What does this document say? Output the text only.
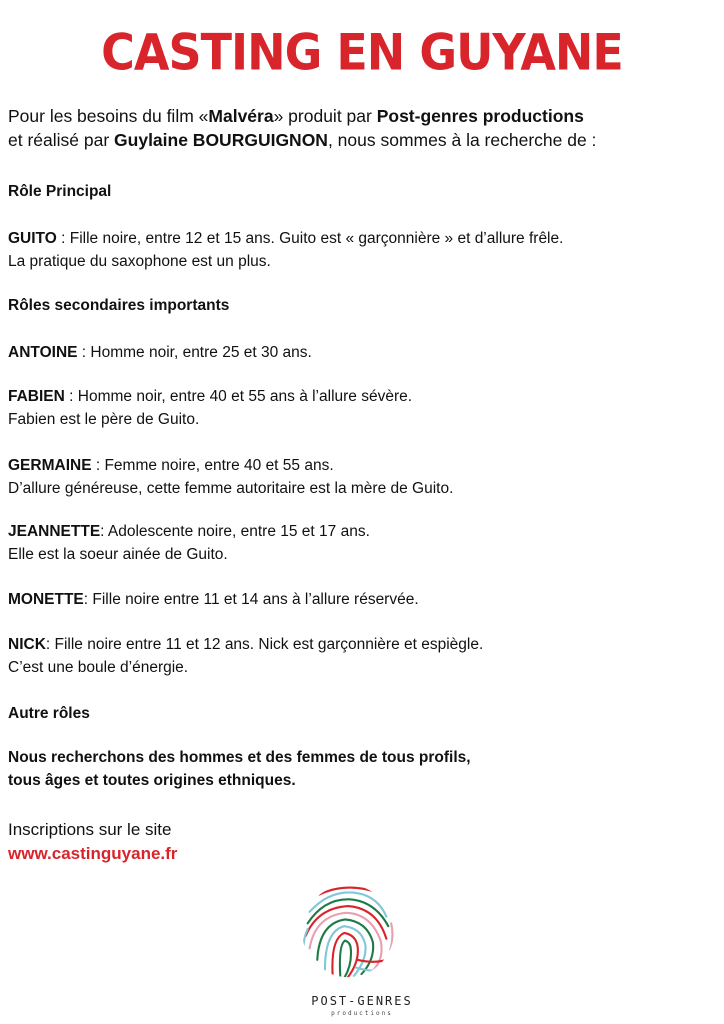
CASTING EN GUYANE
Pour les besoins du film «Malvéra» produit par Post-genres productions
et réalisé par Guylaine BOURGUIGNON, nous sommes à la recherche de :
Rôle Principal
GUITO : Fille noire, entre 12 et 15 ans. Guito est « garçonnière » et d’allure frêle.
La pratique du saxophone est un plus.
Rôles secondaires importants
ANTOINE : Homme noir, entre 25 et 30 ans.
FABIEN : Homme noir, entre 40 et 55 ans à l’allure sévère.
Fabien est le père de Guito.
GERMAINE : Femme noire, entre 40 et 55 ans.
D’allure généreuse, cette femme autoritaire est la mère de Guito.
JEANNETTE: Adolescente noire, entre 15 et 17 ans.
Elle est la soeur ainée de Guito.
MONETTE: Fille noire entre 11 et 14 ans à l’allure réservée.
NICK: Fille noire entre 11 et 12 ans. Nick est garçonnière et espiègle.
C’est une boule d’énergie.
Autre rôles
Nous recherchons des hommes et des femmes de tous profils,
tous âges et toutes origines ethniques.
Inscriptions sur le site
www.castinguyane.fr
POST-GENRES
productions
